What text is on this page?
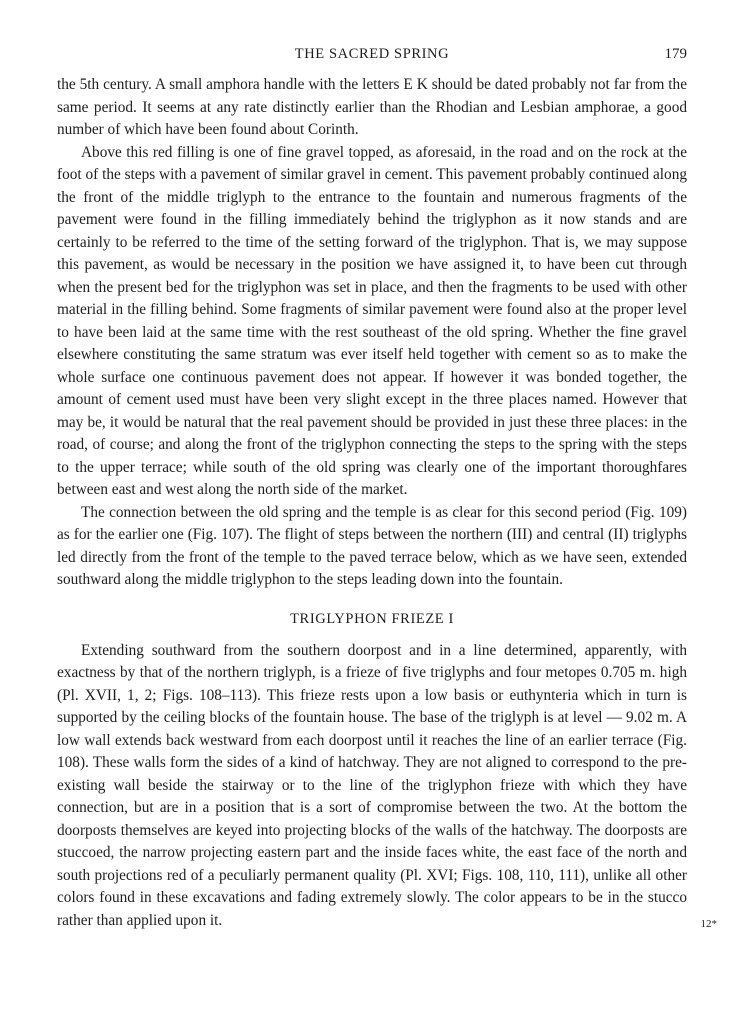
THE SACRED SPRING	179

the 5th century. A small amphora handle with the letters E K should be dated probably not far from the same period. It seems at any rate distinctly earlier than the Rhodian and Lesbian amphorae, a good number of which have been found about Corinth.

Above this red filling is one of fine gravel topped, as aforesaid, in the road and on the rock at the foot of the steps with a pavement of similar gravel in cement. This pavement probably continued along the front of the middle triglyph to the entrance to the fountain and numerous fragments of the pavement were found in the filling immediately behind the triglyphon as it now stands and are certainly to be referred to the time of the setting forward of the triglyphon. That is, we may suppose this pavement, as would be necessary in the position we have assigned it, to have been cut through when the present bed for the triglyphon was set in place, and then the fragments to be used with other material in the filling behind. Some fragments of similar pavement were found also at the proper level to have been laid at the same time with the rest southeast of the old spring. Whether the fine gravel elsewhere constituting the same stratum was ever itself held together with cement so as to make the whole surface one continuous pavement does not appear. If however it was bonded together, the amount of cement used must have been very slight except in the three places named. However that may be, it would be natural that the real pavement should be provided in just these three places: in the road, of course; and along the front of the triglyphon connecting the steps to the spring with the steps to the upper terrace; while south of the old spring was clearly one of the important thoroughfares between east and west along the north side of the market.

The connection between the old spring and the temple is as clear for this second period (Fig. 109) as for the earlier one (Fig. 107). The flight of steps between the northern (III) and central (II) triglyphs led directly from the front of the temple to the paved terrace below, which as we have seen, extended southward along the middle triglyphon to the steps leading down into the fountain.

TRIGLYPHON FRIEZE I

Extending southward from the southern doorpost and in a line determined, apparently, with exactness by that of the northern triglyph, is a frieze of five triglyphs and four metopes 0.705 m. high (Pl. XVII, 1, 2; Figs. 108–113). This frieze rests upon a low basis or euthynteria which in turn is supported by the ceiling blocks of the fountain house. The base of the triglyph is at level — 9.02 m. A low wall extends back westward from each doorpost until it reaches the line of an earlier terrace (Fig. 108). These walls form the sides of a kind of hatchway. They are not aligned to correspond to the pre-existing wall beside the stairway or to the line of the triglyphon frieze with which they have connection, but are in a position that is a sort of compromise between the two. At the bottom the doorposts themselves are keyed into projecting blocks of the walls of the hatchway. The doorposts are stuccoed, the narrow projecting eastern part and the inside faces white, the east face of the north and south projections red of a peculiarly permanent quality (Pl. XVI; Figs. 108, 110, 111), unlike all other colors found in these excavations and fading extremely slowly. The color appears to be in the stucco rather than applied upon it.	12*
